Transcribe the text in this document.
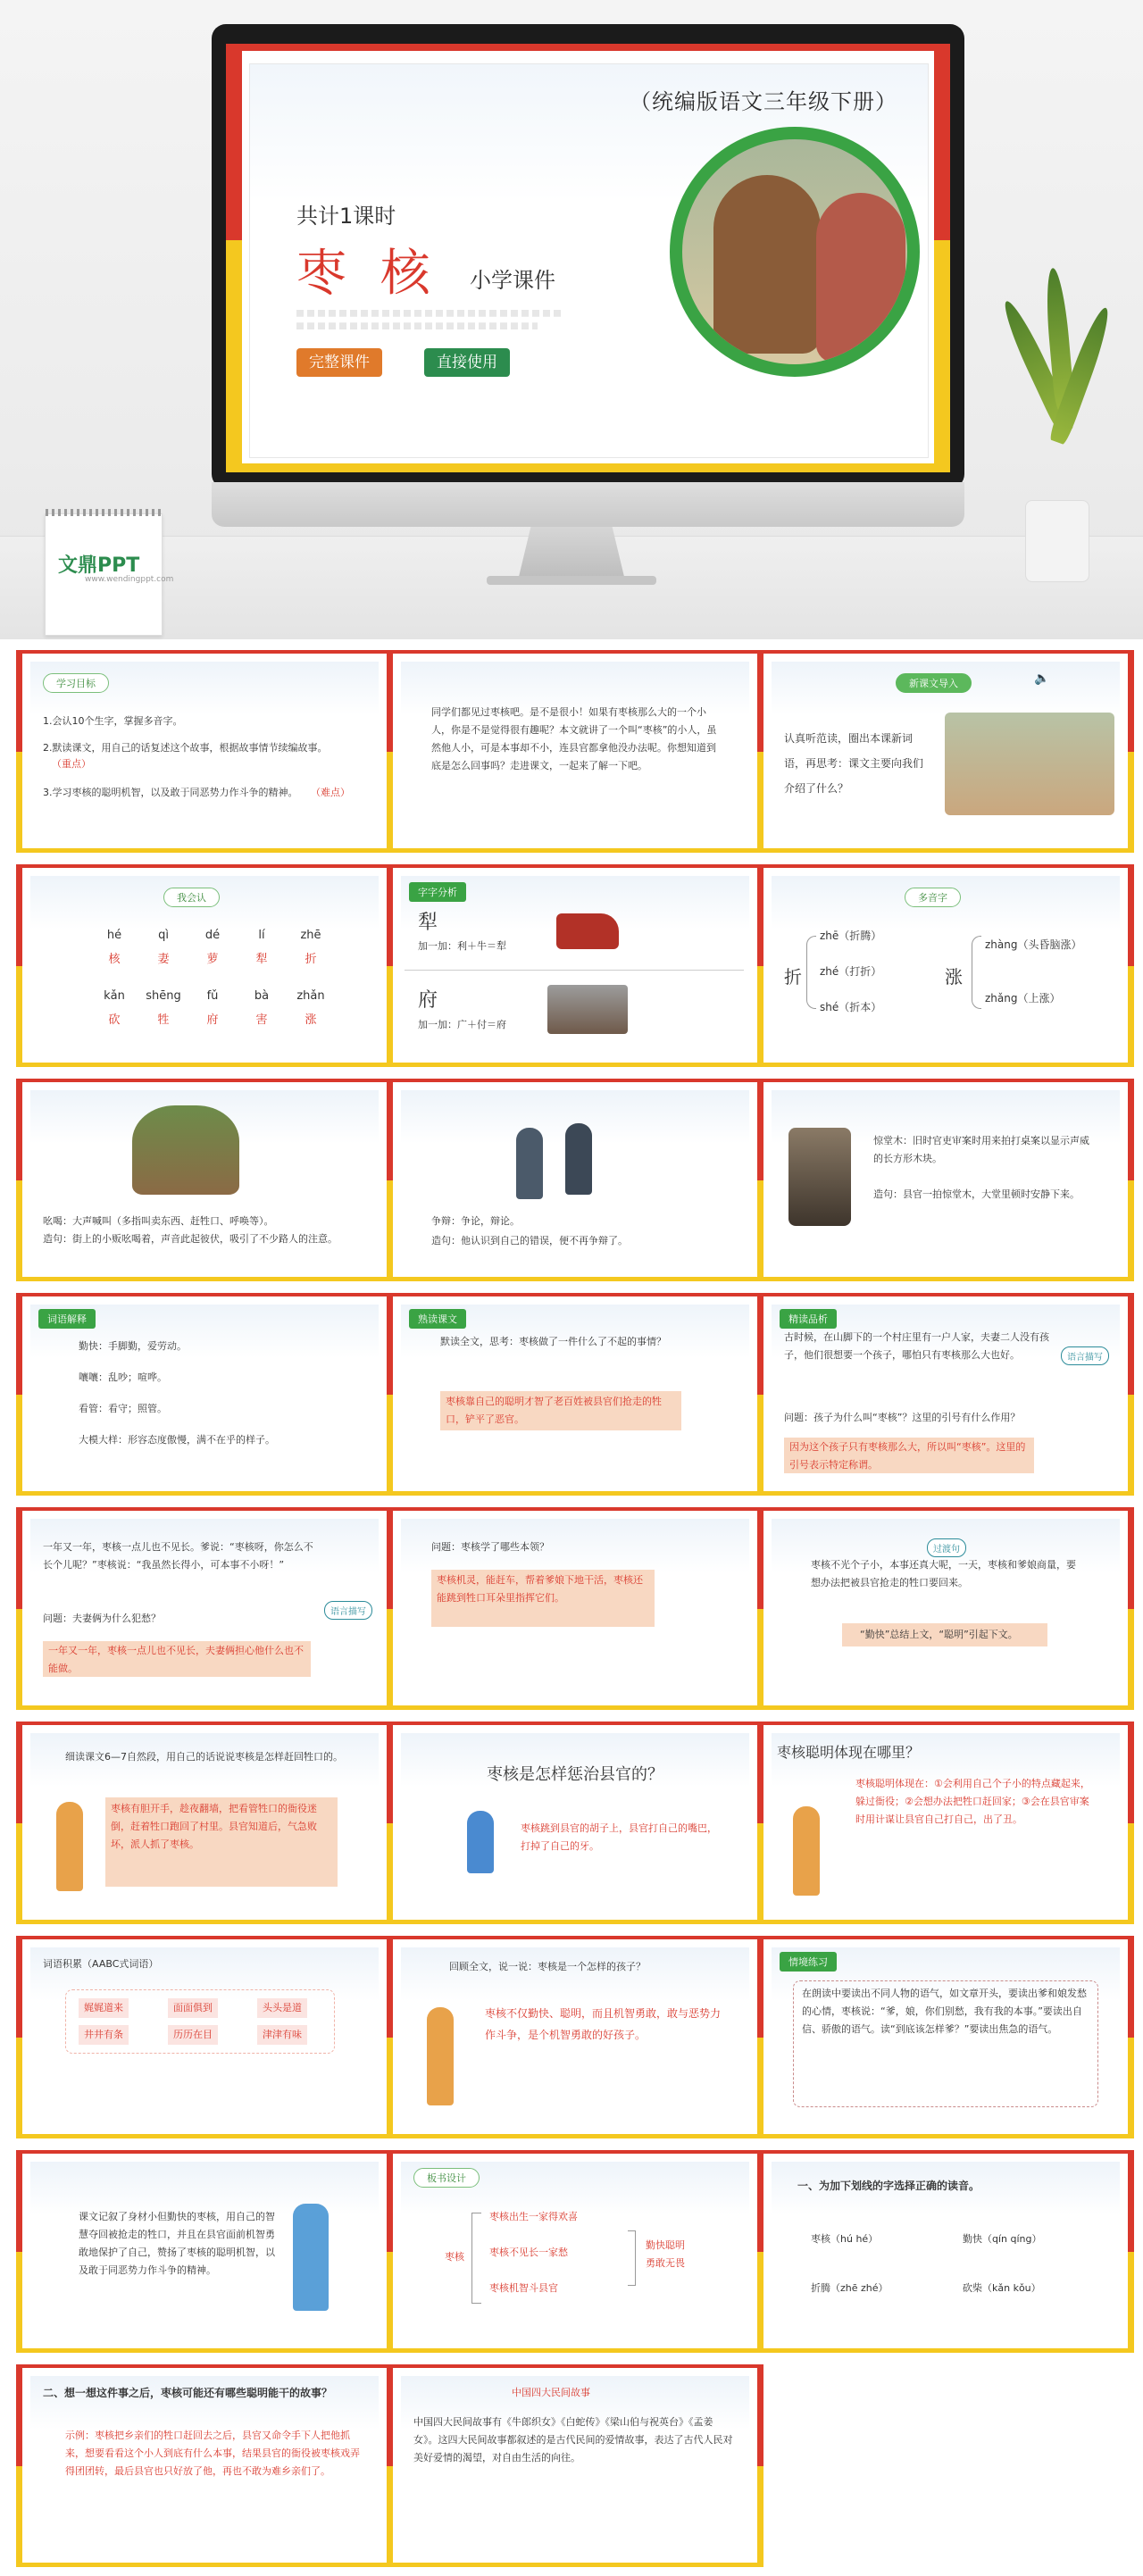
（统编版语文三年级下册）
共计1课时
枣 核 小学课件
完整课件	直接使用
文鼎PPT
www.wendingppt.com
学习目标
1.会认10个生字，掌握多音字。
2.默读课文，用自己的话复述这个故事，根据故事情节续编故事。
（重点）
3.学习枣核的聪明机智，以及敢于同恶势力作斗争的精神。	（难点）
同学们都见过枣核吧。是不是很小！如果有枣核那么大的一个小人，你是不是觉得很有趣呢？本文就讲了一个叫“枣核”的小人，虽然他人小，可是本事却不小，连县官都拿他没办法呢。你想知道到底是怎么回事吗？走进课文，一起来了解一下吧。
新课文导入	🔈
认真听范读，圈出本课新词语，再思考：课文主要向我们介绍了什么？
我会认
hé	qì	dé	lí	zhē
核	妻	萝	犁	折
kǎn	shēng	fǔ	bà	zhǎn
砍	牲	府	害	涨
字字分析
犁
加一加：利＋牛＝犁
府
加一加：广＋付＝府
多音字
折
zhē（折腾）
zhé（打折）
shé（折本）
涨
zhàng（头昏脑涨）
zhǎng（上涨）
吆喝：大声喊叫（多指叫卖东西、赶牲口、呼唤等）。
造句：街上的小贩吆喝着，声音此起彼伏，吸引了不少路人的注意。
争辩：争论，辩论。
造句：他认识到自己的错误，便不再争辩了。
惊堂木：旧时官吏审案时用来拍打桌案以显示声威的长方形木块。
造句：县官一拍惊堂木，大堂里顿时安静下来。
词语解释
勤快：手脚勤，爱劳动。
嚷嚷：乱吵；喧哗。
看管：看守；照管。
大模大样：形容态度傲慢，满不在乎的样子。
熟读课文
默读全文，思考：枣核做了一件什么了不起的事情？
枣核靠自己的聪明才智了老百姓被县官们抢走的牲口，铲平了恶官。
精读品析
古时候，在山脚下的一个村庄里有一户人家，夫妻二人没有孩子，他们很想要一个孩子，哪怕只有枣核那么大也好。	语言描写
问题：孩子为什么叫“枣核”？这里的引号有什么作用？
因为这个孩子只有枣核那么大，所以叫“枣核”。这里的引号表示特定称谓。
一年又一年，枣核一点儿也不见长。爹说：“枣核呀，你怎么不长个儿呢？”枣核说：“我虽然长得小，可本事不小呀！”
问题：夫妻俩为什么犯愁？
语言描写
一年又一年，枣核一点儿也不见长，夫妻俩担心他什么也不能做。
问题：枣核学了哪些本领？
枣核机灵，能赶车，帮着爹娘下地干活，枣核还能跳到牲口耳朵里指挥它们。
过渡句
枣核不光个子小，本事还真大呢，一天，枣核和爹娘商量，要想办法把被县官抢走的牲口要回来。
“勤快”总结上文，“聪明”引起下文。
细读课文6—7自然段，用自己的话说说枣核是怎样赶回牲口的。
枣核有胆开手，趁夜翻墙，把看管牲口的衙役迷倒，赶着牲口跑回了村里。县官知道后，气急败坏，派人抓了枣核。
枣核是怎样惩治县官的？
枣核跳到县官的胡子上，县官打自己的嘴巴，打掉了自己的牙。
枣核聪明体现在哪里？
枣核聪明体现在：①会利用自己个子小的特点藏起来，躲过衙役；②会想办法把牲口赶回家；③会在县官审案时用计谋让县官自己打自己，出了丑。
词语积累（AABC式词语）
娓娓道来	面面俱到	头头是道
井井有条	历历在目	津津有味
回顾全文，说一说：枣核是一个怎样的孩子？
枣核不仅勤快、聪明，而且机智勇敢，敢与恶势力作斗争，是个机智勇敢的好孩子。
情境练习
在朗读中要读出不同人物的语气，如文章开头，要读出爹和娘发愁的心情，枣核说：“爹，娘，你们别愁，我有我的本事。”要读出自信、骄傲的语气。读“到底该怎样爹？”要读出焦急的语气。
课文记叙了身材小但勤快的枣核，用自己的智慧夺回被抢走的牲口，并且在县官面前机智勇敢地保护了自己，赞扬了枣核的聪明机智，以及敢于同恶势力作斗争的精神。
板书设计
枣核
枣核出生一家得欢喜
枣核不见长一家愁
枣核机智斗县官
勤快聪明
勇敢无畏
一、为加下划线的字选择正确的读音。
枣核（hú hé）	勤快（qín qíng）
折腾（zhē zhé）	砍柴（kǎn kǒu）
二、想一想这件事之后，枣核可能还有哪些聪明能干的故事？
示例：枣核把乡亲们的牲口赶回去之后，县官又命令手下人把他抓来，想要看看这个小人到底有什么本事，结果县官的衙役被枣核戏弄得团团转，最后县官也只好放了他，再也不敢为难乡亲们了。
中国四大民间故事
中国四大民间故事有《牛郎织女》《白蛇传》《梁山伯与祝英台》《孟姜女》。这四大民间故事都叙述的是古代民间的爱情故事，表达了古代人民对美好爱情的渴望，对自由生活的向往。
